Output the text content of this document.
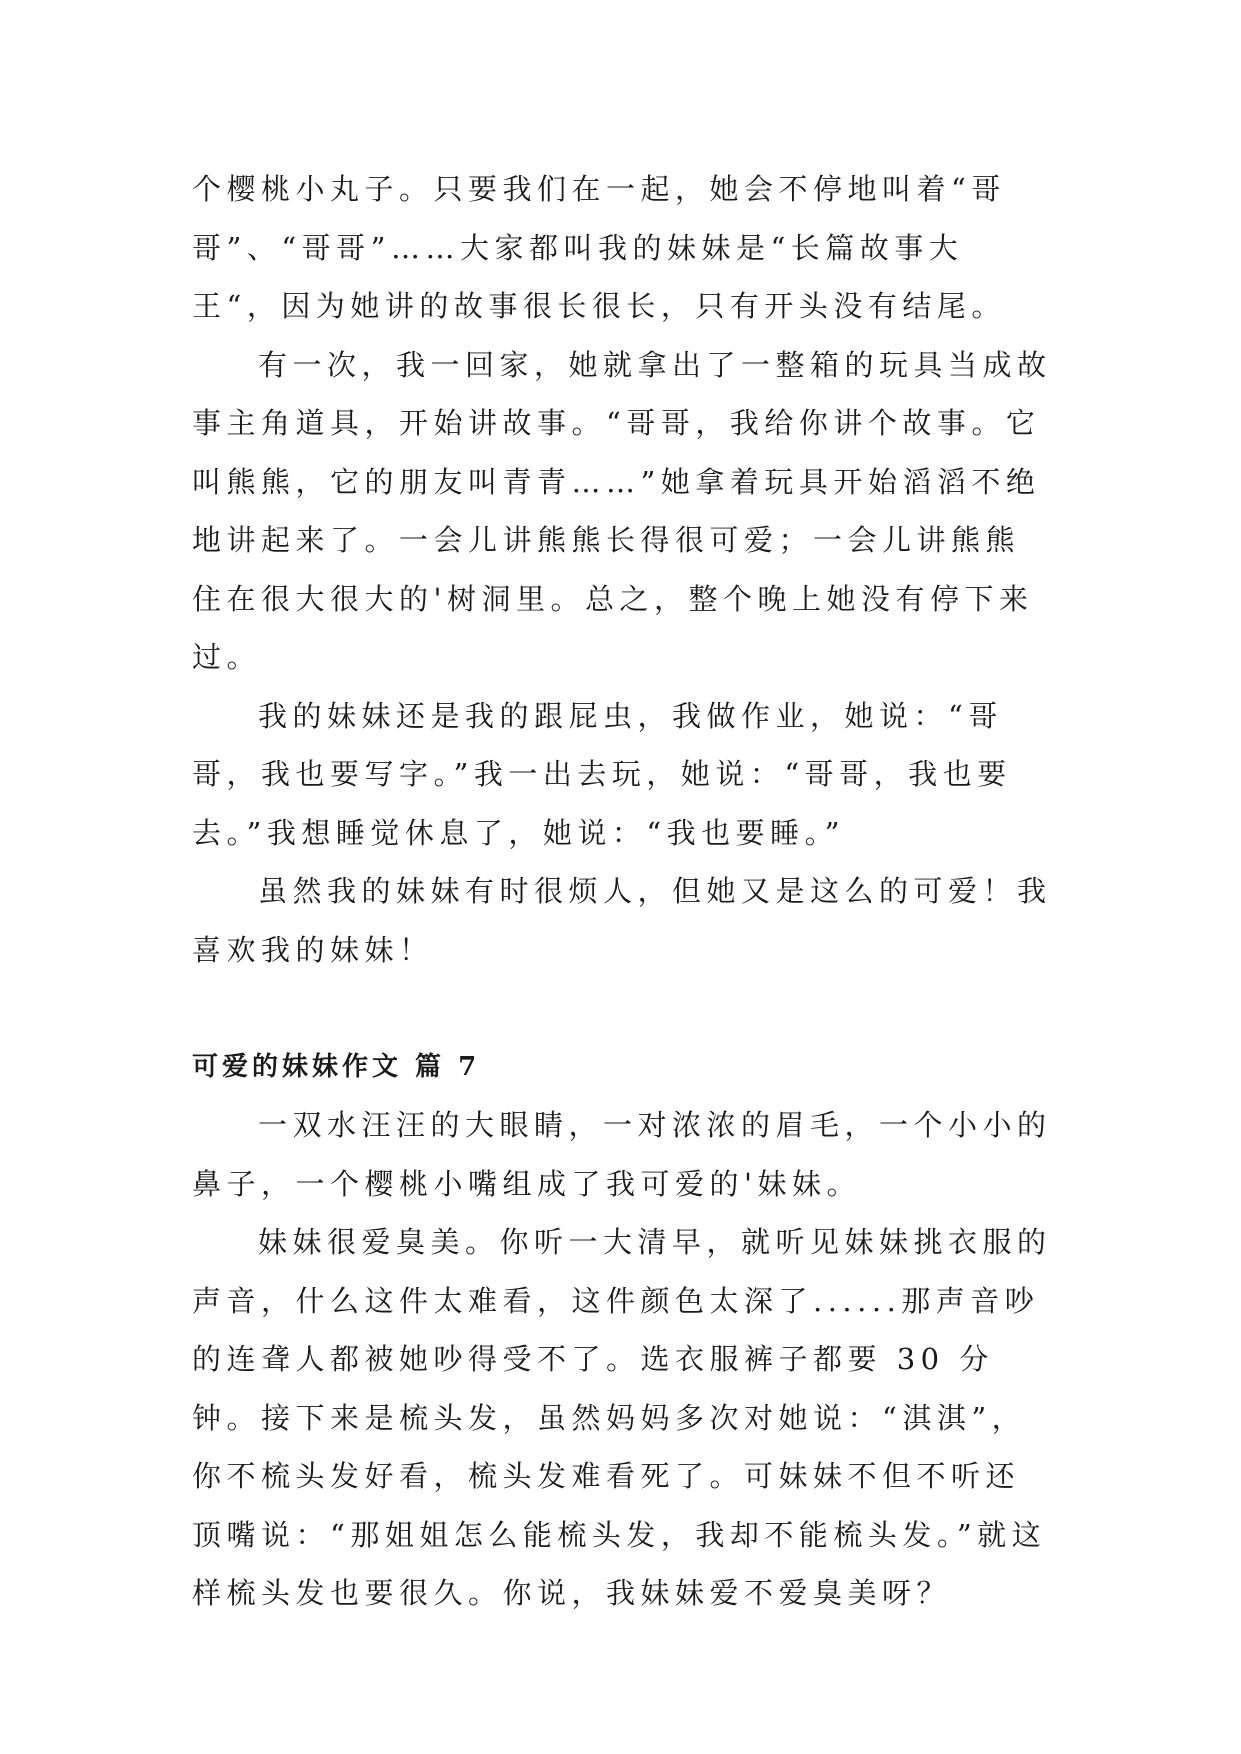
个樱桃小丸子。只要我们在一起，她会不停地叫着“哥哥”、“哥哥”……大家都叫我的妹妹是“长篇故事大王“，因为她讲的故事很长很长，只有开头没有结尾。

有一次，我一回家，她就拿出了一整箱的玩具当成故事主角道具，开始讲故事。“哥哥，我给你讲个故事。它叫熊熊，它的朋友叫青青……”她拿着玩具开始滔滔不绝地讲起来了。一会儿讲熊熊长得很可爱；一会儿讲熊熊住在很大很大的'树洞里。总之，整个晚上她没有停下来过。

我的妹妹还是我的跟屁虫，我做作业，她说：“哥哥，我也要写字。”我一出去玩，她说：“哥哥，我也要去。”我想睡觉休息了，她说：“我也要睡。”

虽然我的妹妹有时很烦人，但她又是这么的可爱！我喜欢我的妹妹！

可爱的妹妹作文 篇 7

一双水汪汪的大眼睛，一对浓浓的眉毛，一个小小的鼻子，一个樱桃小嘴组成了我可爱的'妹妹。

妹妹很爱臭美。你听一大清早，就听见妹妹挑衣服的声音，什么这件太难看，这件颜色太深了......那声音吵的连聋人都被她吵得受不了。选衣服裤子都要 30 分钟。接下来是梳头发，虽然妈妈多次对她说：“淇淇”，你不梳头发好看，梳头发难看死了。可妹妹不但不听还顶嘴说：“那姐姐怎么能梳头发，我却不能梳头发。”就这样梳头发也要很久。你说，我妹妹爱不爱臭美呀？
